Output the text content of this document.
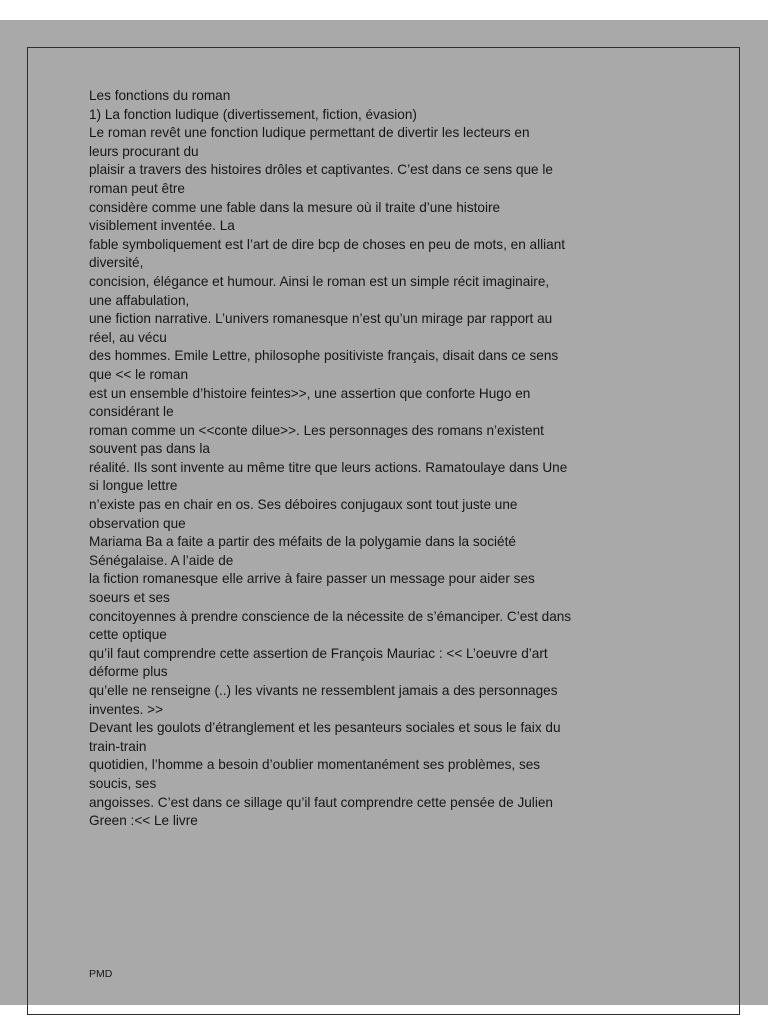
Les fonctions du roman
1) La fonction ludique (divertissement, fiction, évasion)
Le roman revêt une fonction ludique permettant de divertir les lecteurs en
leurs procurant du
plaisir a travers des histoires drôles et captivantes. C’est dans ce sens que le
roman peut être
considère comme une fable dans la mesure où il traite d’une histoire
visiblement inventée. La
fable symboliquement est l’art de dire bcp de choses en peu de mots, en alliant
diversité,
concision, élégance et humour. Ainsi le roman est un simple récit imaginaire,
une affabulation,
une fiction narrative. L’univers romanesque n’est qu’un mirage par rapport au
réel, au vécu
des hommes. Emile Lettre, philosophe positiviste français, disait dans ce sens
que << le roman
est un ensemble d’histoire feintes>>, une assertion que conforte Hugo en
considérant le
roman comme un <<conte dilue>>. Les personnages des romans n’existent
souvent pas dans la
réalité. Ils sont invente au même titre que leurs actions. Ramatoulaye dans Une
si longue lettre
n’existe pas en chair en os. Ses déboires conjugaux sont tout juste une
observation que
Mariama Ba a faite a partir des méfaits de la polygamie dans la société
Sénégalaise. A l’aide de
la fiction romanesque elle arrive à faire passer un message pour aider ses
soeurs et ses
concitoyennes à prendre conscience de la nécessite de s’émanciper. C’est dans
cette optique
qu’il faut comprendre cette assertion de François Mauriac : << L’oeuvre d’art
déforme plus
qu’elle ne renseigne (..) les vivants ne ressemblent jamais a des personnages
inventes. >>
Devant les goulots d’étranglement et les pesanteurs sociales et sous le faix du
train-train
quotidien, l’homme a besoin d’oublier momentanément ses problèmes, ses
soucis, ses
angoisses. C’est dans ce sillage qu’il faut comprendre cette pensée de Julien
Green :<< Le livre
PMD
